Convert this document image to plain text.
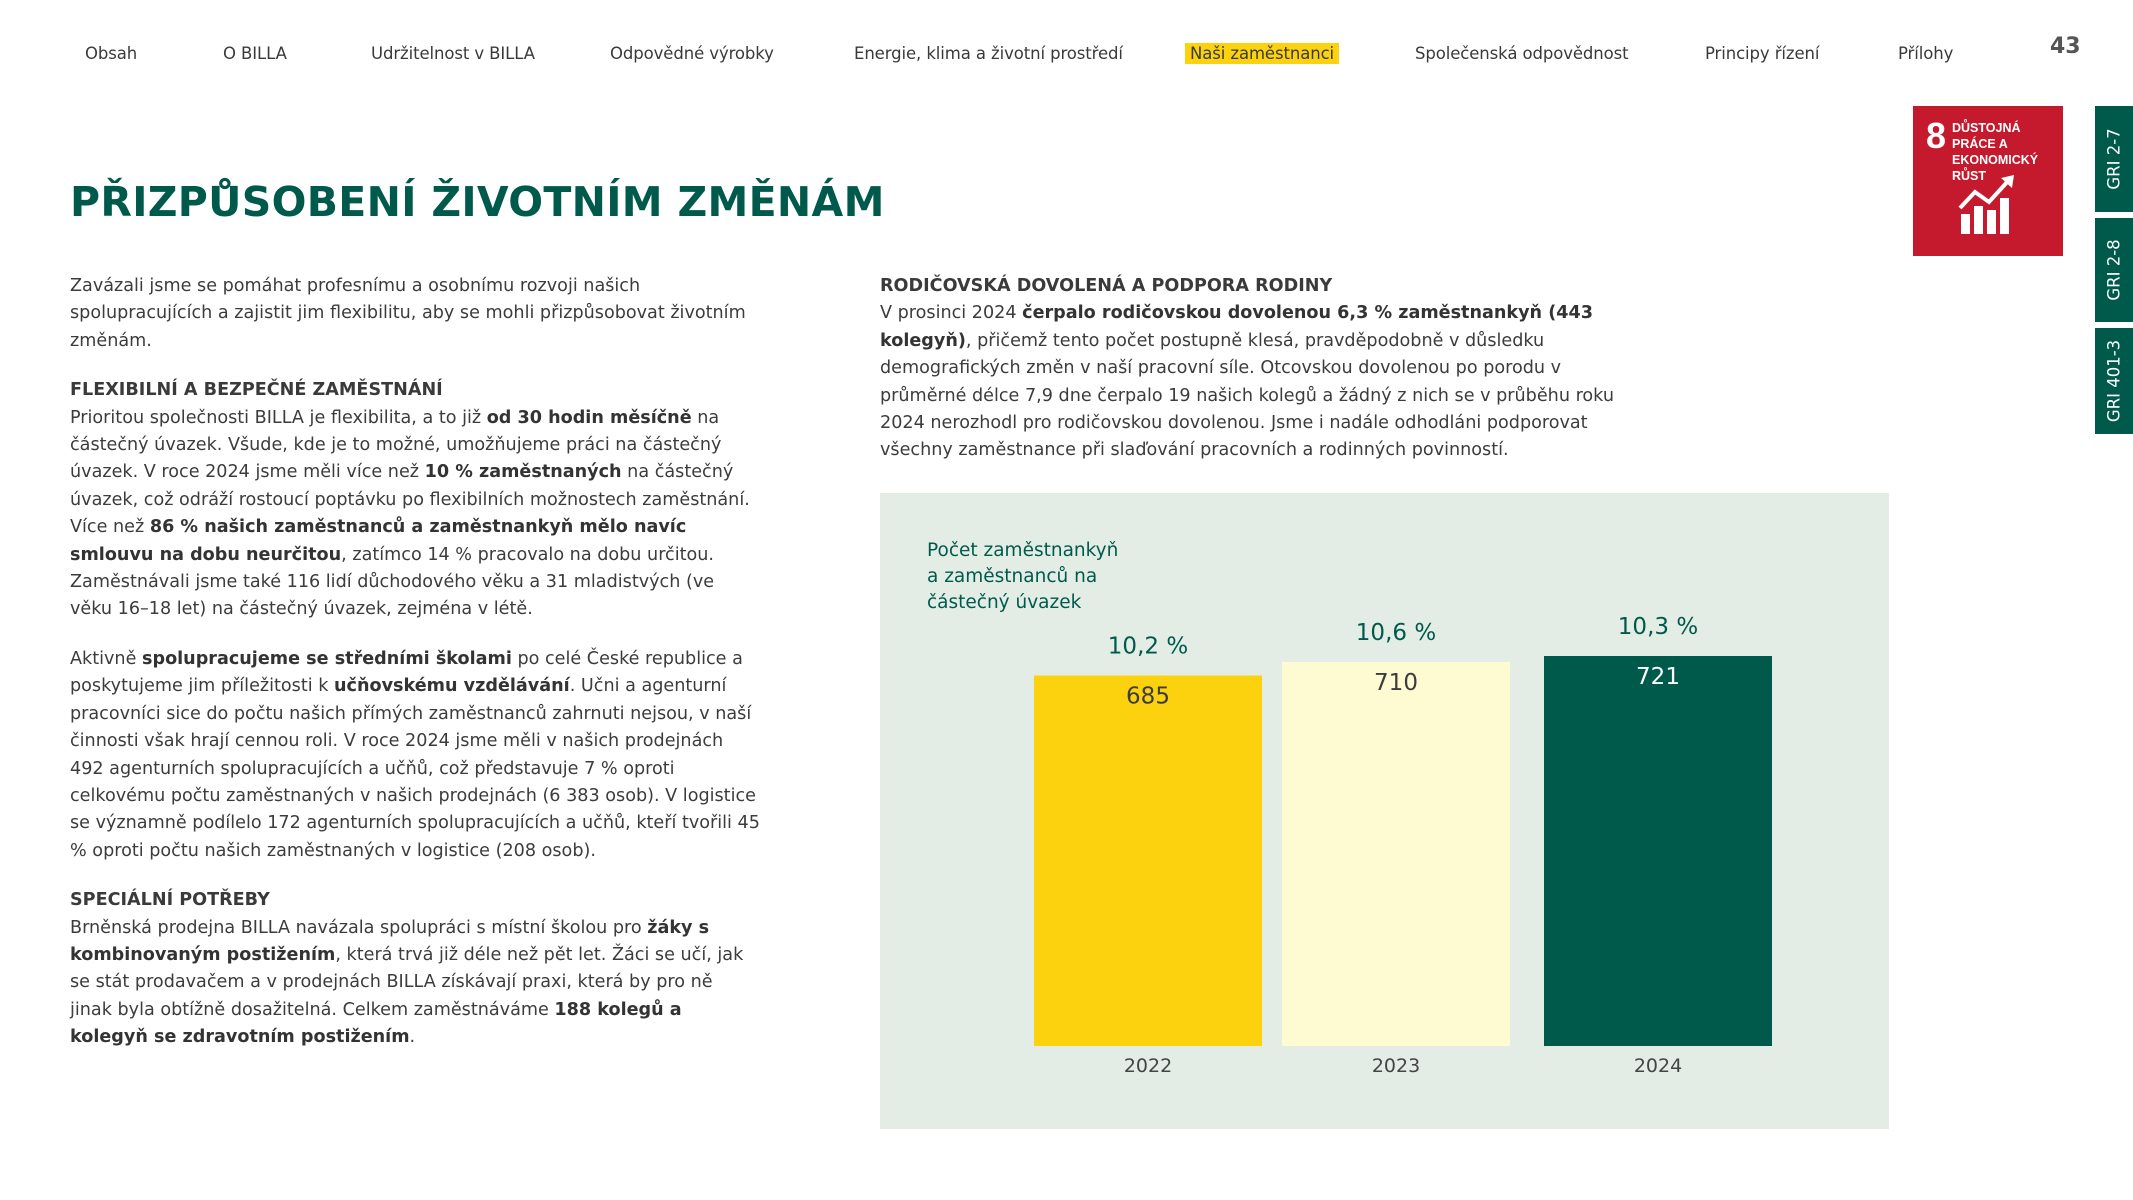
Obsah	O BILLA	Udržitelnost v BILLA	Odpovědné výrobky	Energie, klima a životní prostředí	Naši zaměstnanci	Společenská odpovědnost	Principy řízení	Přílohy	43
8 DŮSTOJNÁ PRÁCE A EKONOMICKÝ RŮST	GRI 2-7
GRI 2-8
GRI 401-3
PŘIZPŮSOBENÍ ŽIVOTNÍM ZMĚNÁM

Zavázali jsme se pomáhat profesnímu a osobnímu rozvoji našich spolupracujících a zajistit jim flexibilitu, aby se mohli přizpůsobovat životním změnám.

FLEXIBILNÍ A BEZPEČNÉ ZAMĚSTNÁNÍ
Prioritou společnosti BILLA je flexibilita, a to již od 30 hodin měsíčně na částečný úvazek. Všude, kde je to možné, umožňujeme práci na částečný úvazek. V roce 2024 jsme měli více než 10 % zaměstnaných na částečný úvazek, což odráží rostoucí poptávku po flexibilních možnostech zaměstnání. Více než 86 % našich zaměstnanců a zaměstnankyň mělo navíc smlouvu na dobu neurčitou, zatímco 14 % pracovalo na dobu určitou. Zaměstnávali jsme také 116 lidí důchodového věku a 31 mladistvých (ve věku 16–18 let) na částečný úvazek, zejména v létě.

Aktivně spolupracujeme se středními školami po celé České republice a poskytujeme jim příležitosti k učňovskému vzdělávání. Učni a agenturní pracovníci sice do počtu našich přímých zaměstnanců zahrnuti nejsou, v naší činnosti však hrají cennou roli. V roce 2024 jsme měli v našich prodejnách 492 agenturních spolupracujících a učňů, což představuje 7 % oproti celkovému počtu zaměstnaných v našich prodejnách (6 383 osob). V logistice se významně podílelo 172 agenturních spolupracujících a učňů, kteří tvořili 45 % oproti počtu našich zaměstnaných v logistice (208 osob).

SPECIÁLNÍ POTŘEBY
Brněnská prodejna BILLA navázala spolupráci s místní školou pro žáky s kombinovaným postižením, která trvá již déle než pět let. Žáci se učí, jak se stát prodavačem a v prodejnách BILLA získávají praxi, která by pro ně jinak byla obtížně dosažitelná. Celkem zaměstnáváme 188 kolegů a kolegyň se zdravotním postižením.

RODIČOVSKÁ DOVOLENÁ A PODPORA RODINY
V prosinci 2024 čerpalo rodičovskou dovolenou 6,3 % zaměstnankyň (443 kolegyň), přičemž tento počet postupně klesá, pravděpodobně v důsledku demografických změn v naší pracovní síle. Otcovskou dovolenou po porodu v průměrné délce 7,9 dne čerpalo 19 našich kolegů a žádný z nich se v průběhu roku 2024 nerozhodl pro rodičovskou dovolenou. Jsme i nadále odhodláni podporovat všechny zaměstnance při slaďování pracovních a rodinných povinností.

Počet zaměstnankyň
a zaměstnanců na
částečný úvazek
685
10,2 %
2022
710
10,6 %
2023
721
10,3 %
2024
